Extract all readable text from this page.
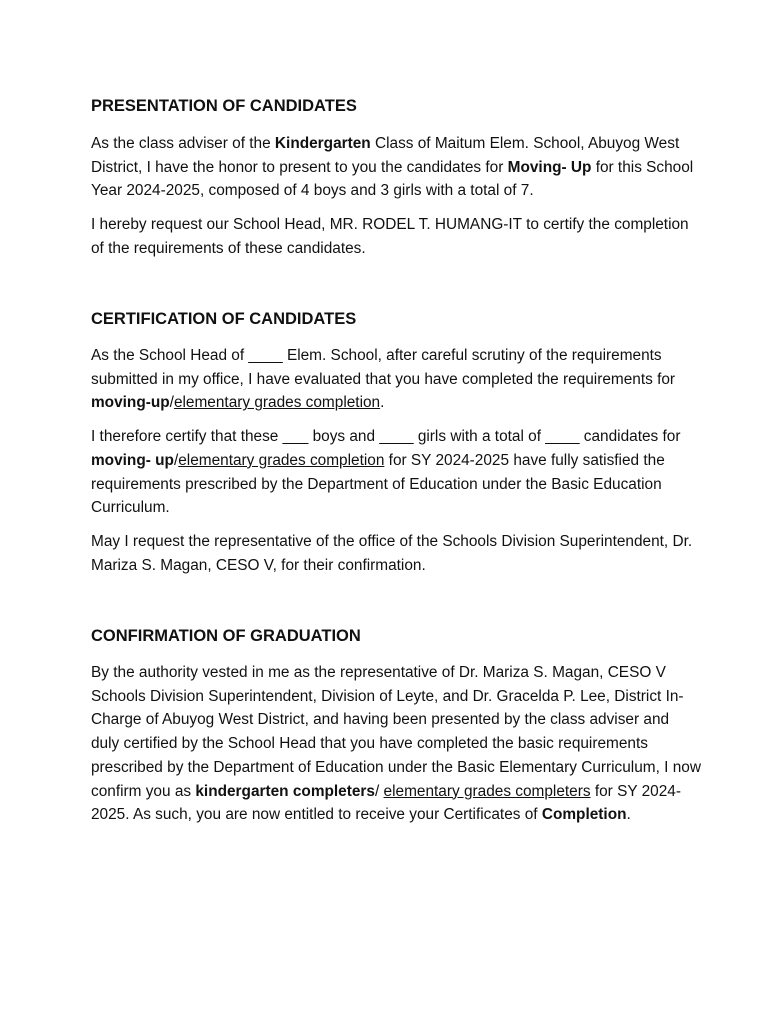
PRESENTATION OF CANDIDATES

As the class adviser of the Kindergarten Class of Maitum Elem. School, Abuyog West District, I have the honor to present to you the candidates for Moving- Up for this School Year 2024-2025, composed of 4 boys and 3 girls with a total of 7.

I hereby request our School Head, MR. RODEL T. HUMANG-IT to certify the completion of the requirements of these candidates.

CERTIFICATION OF CANDIDATES

As the School Head of ____ Elem. School, after careful scrutiny of the requirements submitted in my office, I have evaluated that you have completed the requirements for moving-up/elementary grades completion.

I therefore certify that these ___ boys and ____ girls with a total of ____ candidates for moving- up/elementary grades completion for SY 2024-2025 have fully satisfied the requirements prescribed by the Department of Education under the Basic Education Curriculum.

May I request the representative of the office of the Schools Division Superintendent, Dr. Mariza S. Magan, CESO V, for their confirmation.

CONFIRMATION OF GRADUATION

By the authority vested in me as the representative of Dr. Mariza S. Magan, CESO V Schools Division Superintendent, Division of Leyte, and Dr. Gracelda P. Lee, District In- Charge of Abuyog West District, and having been presented by the class adviser and duly certified by the School Head that you have completed the basic requirements prescribed by the Department of Education under the Basic Elementary Curriculum, I now confirm you as kindergarten completers/ elementary grades completers for SY 2024-2025. As such, you are now entitled to receive your Certificates of Completion.
